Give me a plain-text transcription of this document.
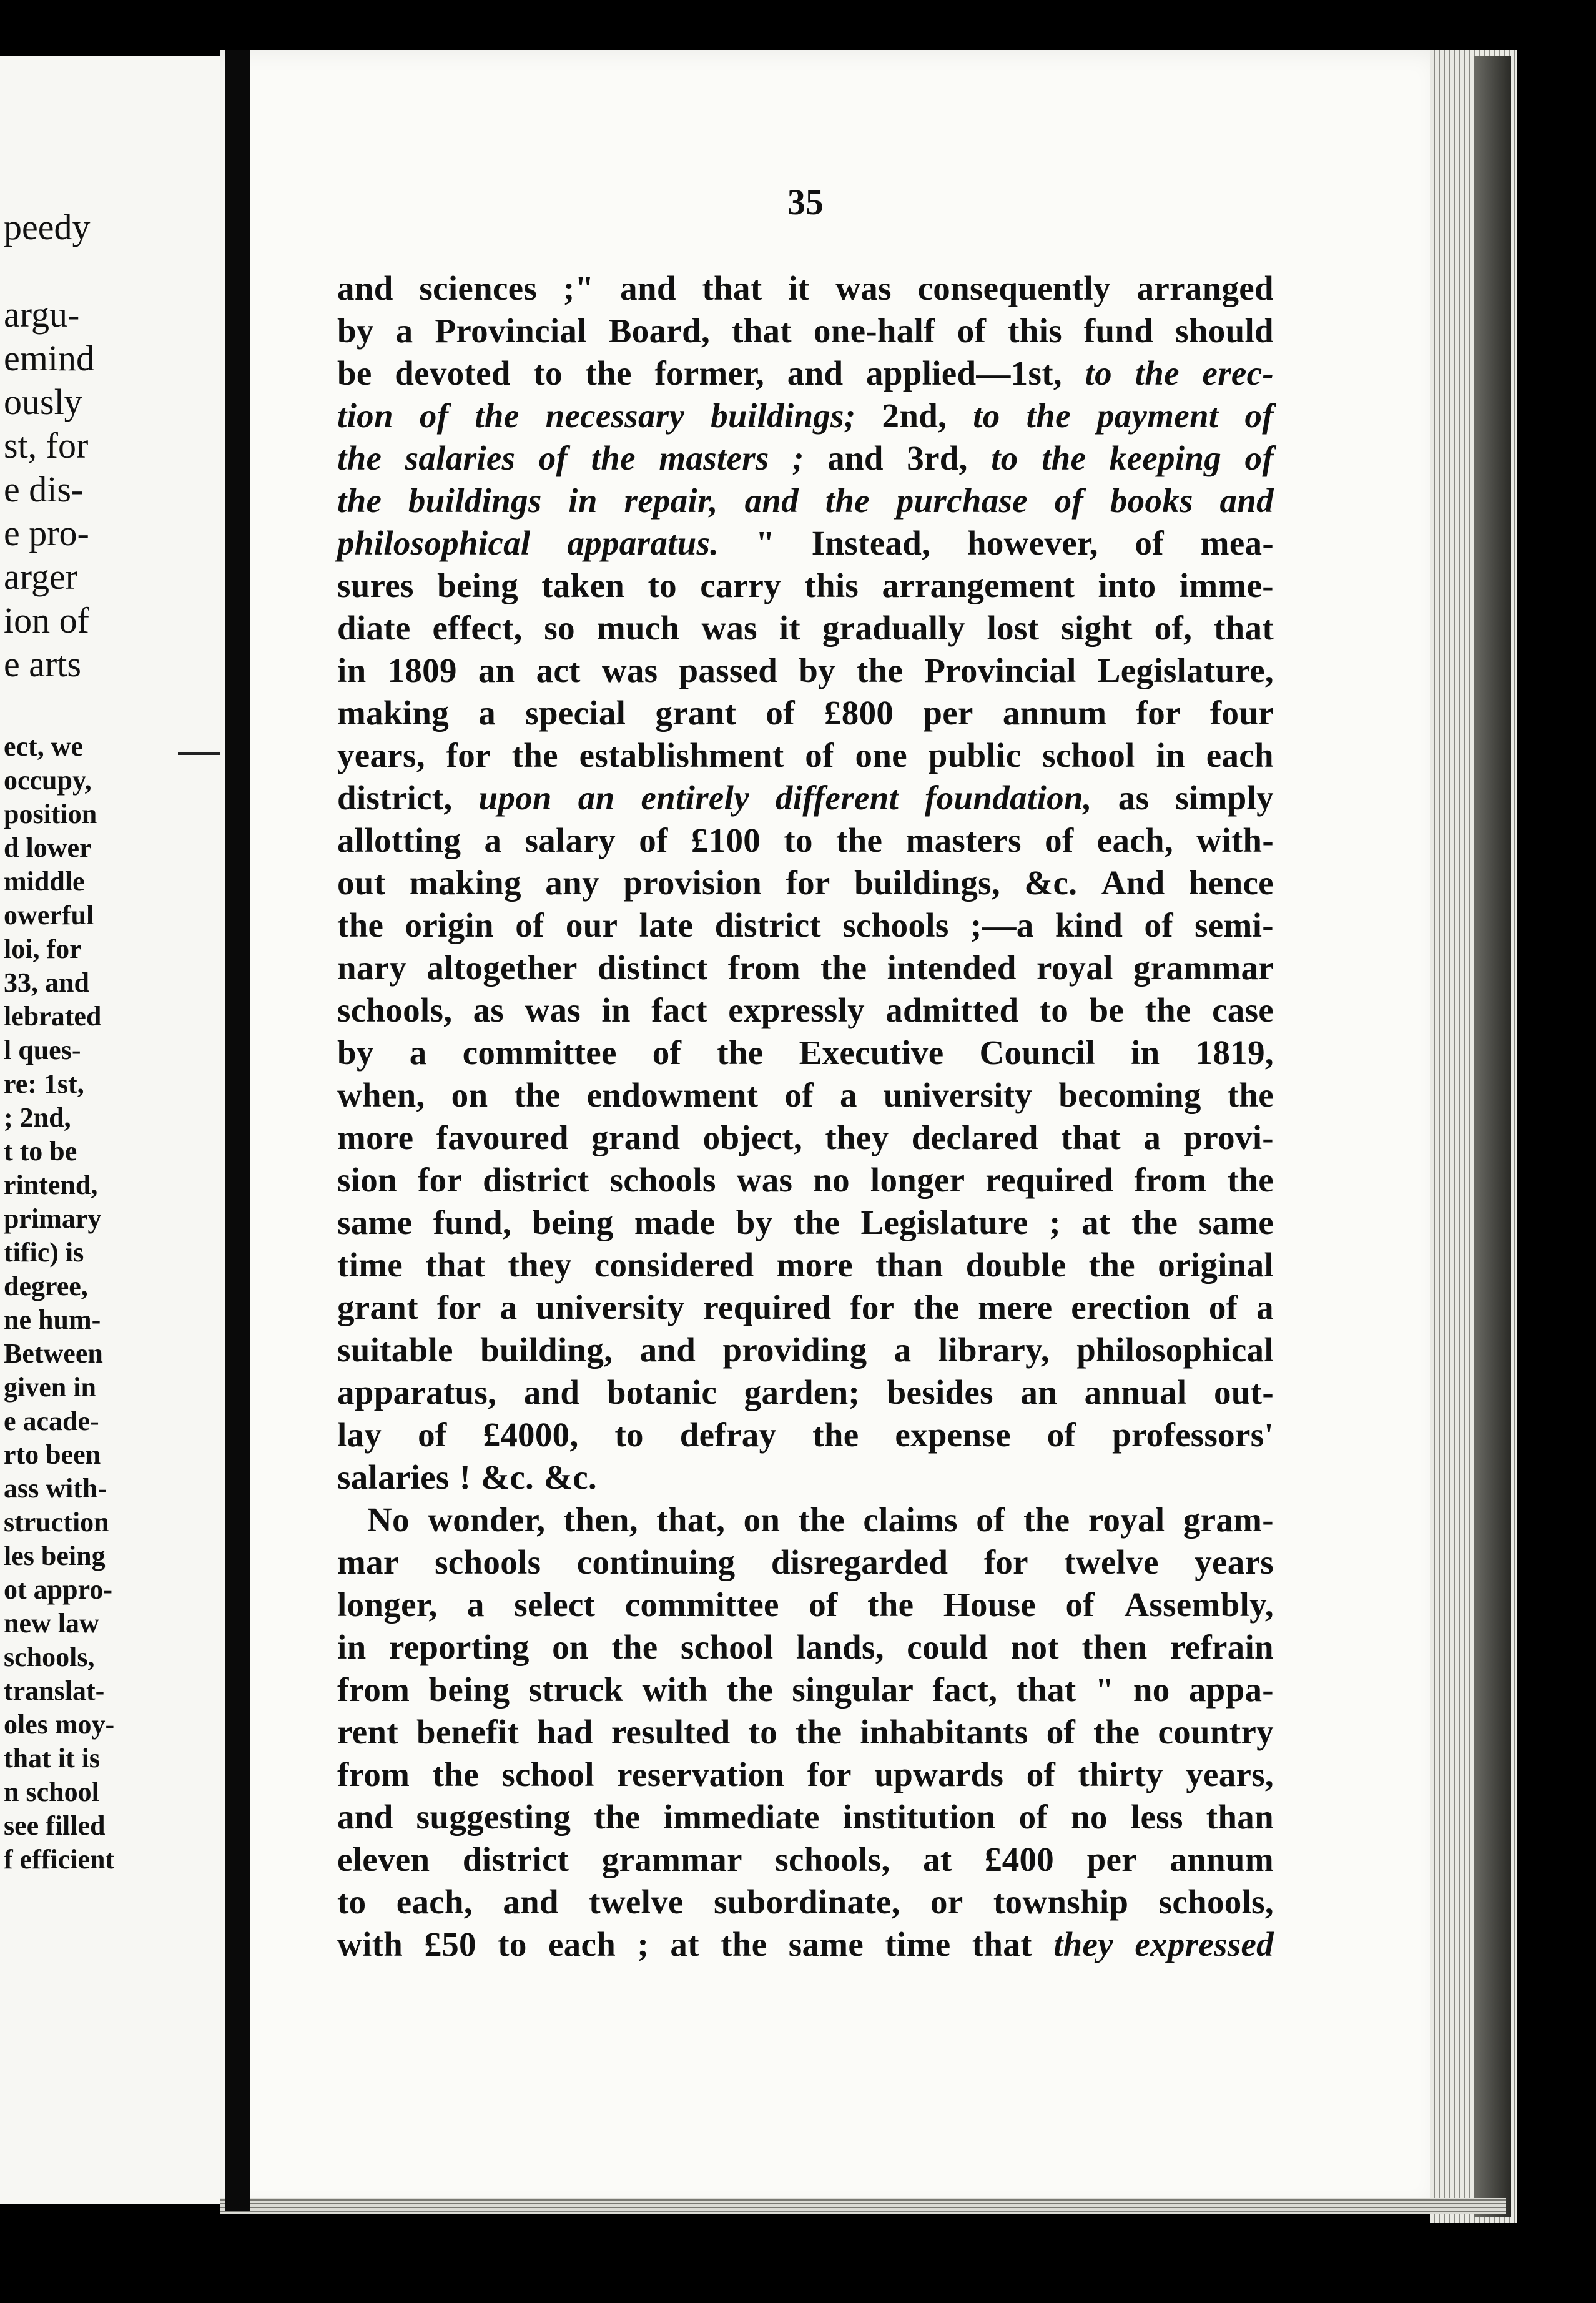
peedy
argu-
emind
ously
st, for
e dis-
e pro-
arger
ion of
e arts
ect, we
occupy,
position
d lower
middle
owerful
loi, for
33, and
lebrated
l ques-
re: 1st,
; 2nd,
t to be
rintend,
primary
tific) is
degree,
ne hum-
Between
given in
e acade-
rto been
ass with-
struction
les being
ot appro-
new law
schools,
translat-
oles moy-
that it is
n school
see filled
f efficient
35
and sciences ;" and that it was consequently arranged
by a Provincial Board, that one-half of this fund should
be devoted to the former, and applied—1st, to the erec-
tion of the necessary buildings; 2nd, to the payment of
the salaries of the masters ; and 3rd, to the keeping of
the buildings in repair, and the purchase of books and
philosophical apparatus. " Instead, however, of mea-
sures being taken to carry this arrangement into imme-
diate effect, so much was it gradually lost sight of, that
in 1809 an act was passed by the Provincial Legislature,
making a special grant of £800 per annum for four
years, for the establishment of one public school in each
district, upon an entirely different foundation, as simply
allotting a salary of £100 to the masters of each, with-
out making any provision for buildings, &c. And hence
the origin of our late district schools ;—a kind of semi-
nary altogether distinct from the intended royal grammar
schools, as was in fact expressly admitted to be the case
by a committee of the Executive Council in 1819,
when, on the endowment of a university becoming the
more favoured grand object, they declared that a provi-
sion for district schools was no longer required from the
same fund, being made by the Legislature ; at the same
time that they considered more than double the original
grant for a university required for the mere erection of a
suitable building, and providing a library, philosophical
apparatus, and botanic garden; besides an annual out-
lay of £4000, to defray the expense of professors'
salaries ! &c. &c.
No wonder, then, that, on the claims of the royal gram-
mar schools continuing disregarded for twelve years
longer, a select committee of the House of Assembly,
in reporting on the school lands, could not then refrain
from being struck with the singular fact, that " no appa-
rent benefit had resulted to the inhabitants of the country
from the school reservation for upwards of thirty years,
and suggesting the immediate institution of no less than
eleven district grammar schools, at £400 per annum
to each, and twelve subordinate, or township schools,
with £50 to each ; at the same time that they expressed
